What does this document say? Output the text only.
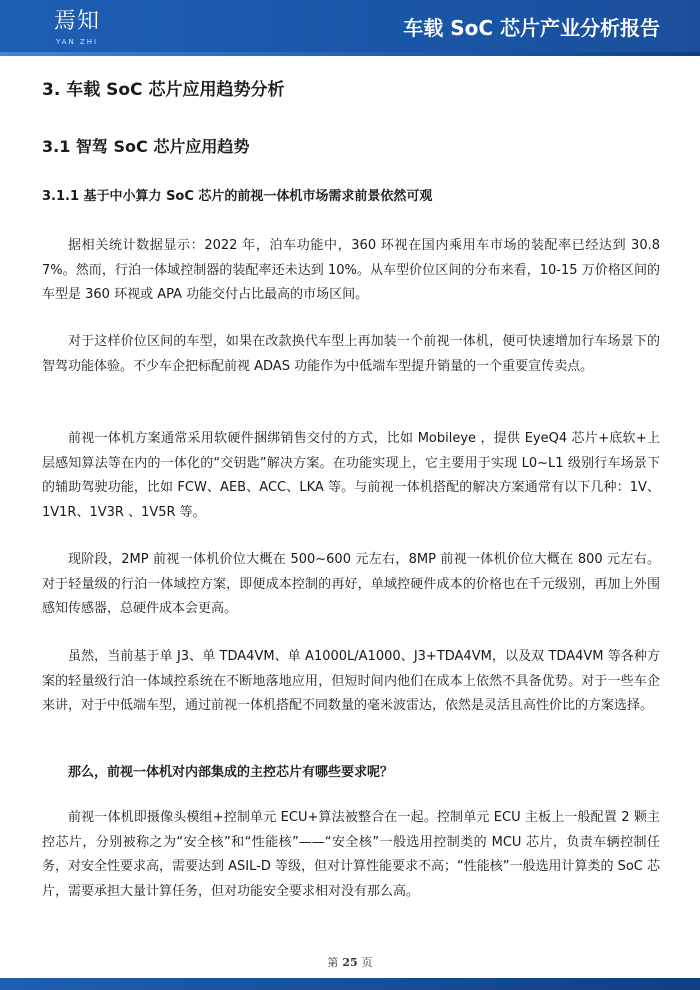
焉知
YAN ZHI
车载 SoC 芯片产业分析报告
3. 车载 SoC 芯片应用趋势分析
3.1 智驾 SoC 芯片应用趋势
3.1.1 基于中小算力 SoC 芯片的前视一体机市场需求前景依然可观

据相关统计数据显示：2022 年，泊车功能中，360 环视在国内乘用车市场的装配率已经达到 30.87%。然而，行泊一体域控制器的装配率还未达到 10%。从车型价位区间的分布来看，10-15 万价格区间的车型是 360 环视或 APA 功能交付占比最高的市场区间。

对于这样价位区间的车型，如果在改款换代车型上再加装一个前视一体机，便可快速增加行车场景下的智驾功能体验。不少车企把标配前视 ADAS 功能作为中低端车型提升销量的一个重要宣传卖点。

前视一体机方案通常采用软硬件捆绑销售交付的方式，比如 Mobileye ，提供 EyeQ4 芯片+底软+上层感知算法等在内的一体化的“交钥匙”解决方案。在功能实现上，它主要用于实现 L0~L1 级别行车场景下的辅助驾驶功能，比如 FCW、AEB、ACC、LKA 等。与前视一体机搭配的解决方案通常有以下几种：1V、1V1R、1V3R 、1V5R 等。

现阶段，2MP 前视一体机价位大概在 500~600 元左右，8MP 前视一体机价位大概在 800 元左右。对于轻量级的行泊一体域控方案，即便成本控制的再好，单域控硬件成本的价格也在千元级别，再加上外围感知传感器，总硬件成本会更高。

虽然，当前基于单 J3、单 TDA4VM、单 A1000L/A1000、J3+TDA4VM，以及双 TDA4VM 等各种方案的轻量级行泊一体域控系统在不断地落地应用，但短时间内他们在成本上依然不具备优势。对于一些车企来讲，对于中低端车型，通过前视一体机搭配不同数量的毫米波雷达，依然是灵活且高性价比的方案选择。

那么，前视一体机对内部集成的主控芯片有哪些要求呢？

前视一体机即摄像头模组+控制单元 ECU+算法被整合在一起。控制单元 ECU 主板上一般配置 2 颗主控芯片，分别被称之为“安全核”和“性能核”——“安全核”一般选用控制类的 MCU 芯片，负责车辆控制任务，对安全性要求高，需要达到 ASIL-D 等级，但对计算性能要求不高；“性能核”一般选用计算类的 SoC 芯片，需要承担大量计算任务，但对功能安全要求相对没有那么高。

第 25 页
